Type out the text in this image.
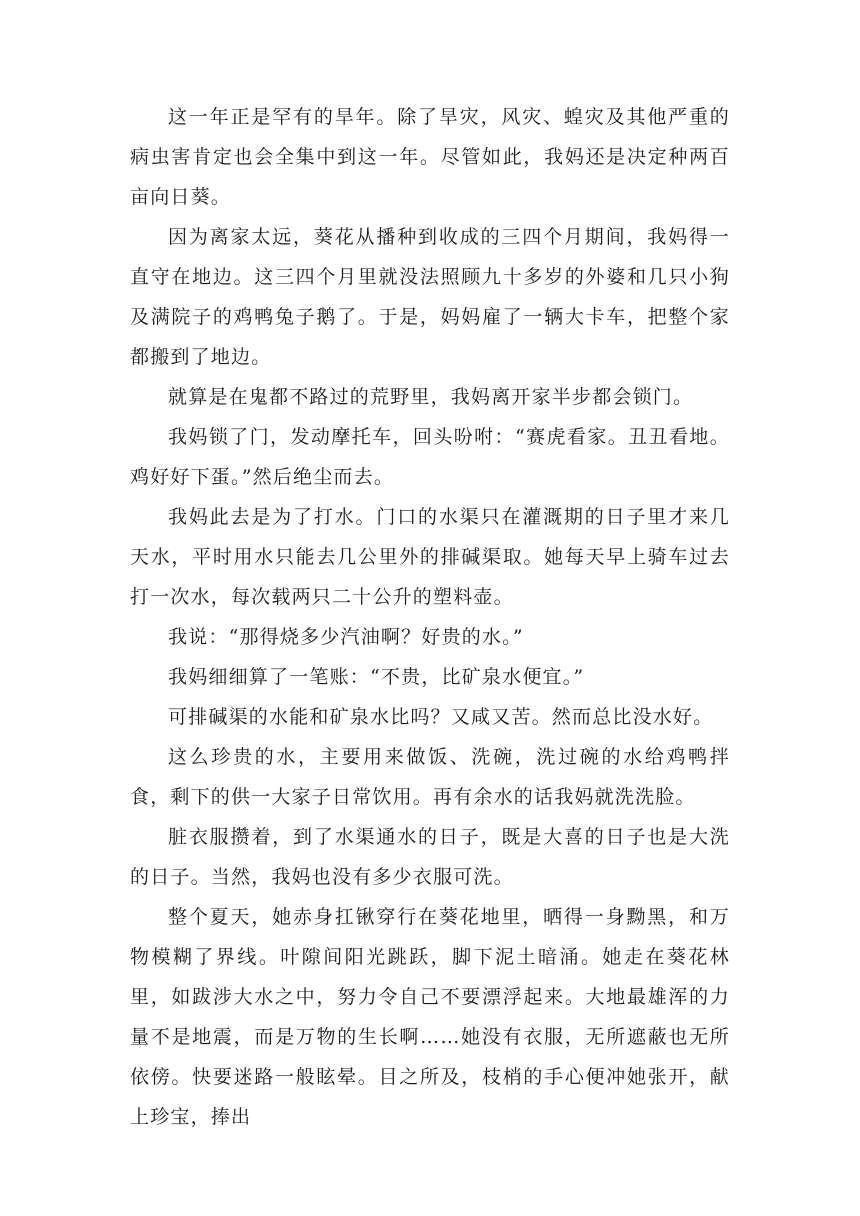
这一年正是罕有的旱年。除了旱灾，风灾、蝗灾及其他严重的病虫害肯定也会全集中到这一年。尽管如此，我妈还是决定种两百亩向日葵。

因为离家太远，葵花从播种到收成的三四个月期间，我妈得一直守在地边。这三四个月里就没法照顾九十多岁的外婆和几只小狗及满院子的鸡鸭兔子鹅了。于是，妈妈雇了一辆大卡车，把整个家都搬到了地边。

就算是在鬼都不路过的荒野里，我妈离开家半步都会锁门。

我妈锁了门，发动摩托车，回头吩咐：“赛虎看家。丑丑看地。鸡好好下蛋。”然后绝尘而去。

我妈此去是为了打水。门口的水渠只在灌溉期的日子里才来几天水，平时用水只能去几公里外的排碱渠取。她每天早上骑车过去打一次水，每次载两只二十公升的塑料壶。

我说：“那得烧多少汽油啊？好贵的水。”

我妈细细算了一笔账：“不贵，比矿泉水便宜。”

可排碱渠的水能和矿泉水比吗？又咸又苦。然而总比没水好。

这么珍贵的水，主要用来做饭、洗碗，洗过碗的水给鸡鸭拌食，剩下的供一大家子日常饮用。再有余水的话我妈就洗洗脸。

脏衣服攒着，到了水渠通水的日子，既是大喜的日子也是大洗的日子。当然，我妈也没有多少衣服可洗。

整个夏天，她赤身扛锹穿行在葵花地里，晒得一身黝黑，和万物模糊了界线。叶隙间阳光跳跃，脚下泥土暗涌。她走在葵花林里，如跋涉大水之中，努力令自己不要漂浮起来。大地最雄浑的力量不是地震，而是万物的生长啊……她没有衣服，无所遮蔽也无所依傍。快要迷路一般眩晕。目之所及，枝梢的手心便冲她张开，献上珍宝，捧出
